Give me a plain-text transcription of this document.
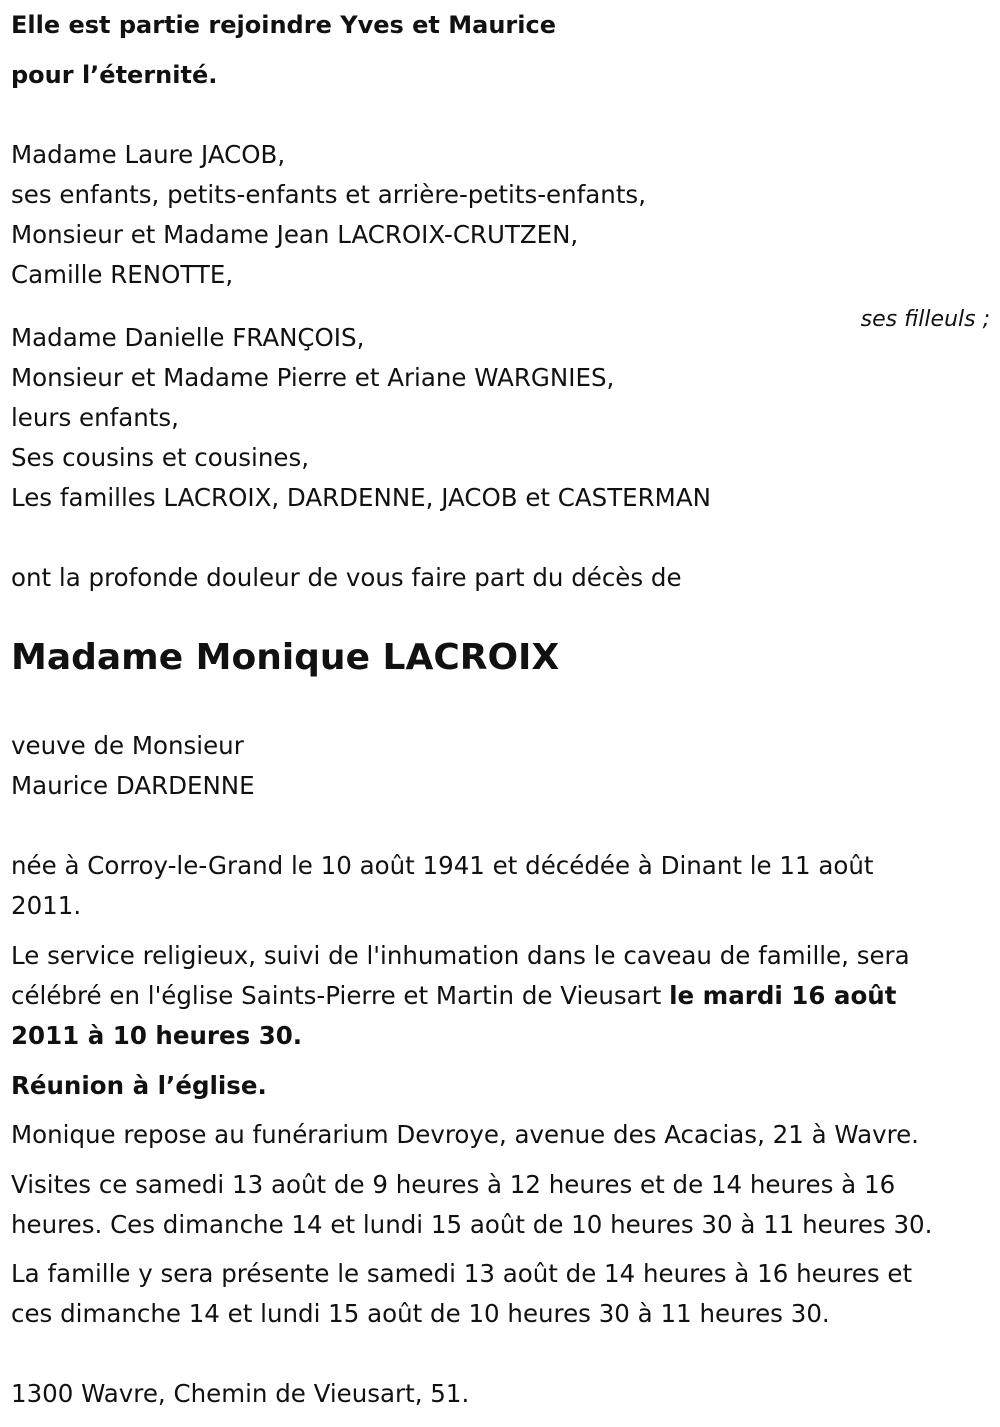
Elle est partie rejoindre Yves et Maurice

pour l’éternité.

Madame Laure JACOB,

ses enfants, petits-enfants et arrière-petits-enfants,

Monsieur et Madame Jean LACROIX-CRUTZEN,

Camille RENOTTE,

ses filleuls ;

Madame Danielle FRANÇOIS,

Monsieur et Madame Pierre et Ariane WARGNIES,

leurs enfants,

Ses cousins et cousines,

Les familles LACROIX, DARDENNE, JACOB et CASTERMAN

ont la profonde douleur de vous faire part du décès de

Madame Monique LACROIX

veuve de Monsieur

Maurice DARDENNE

née à Corroy-le-Grand le 10 août 1941 et décédée à Dinant le 11 août

2011.

Le service religieux, suivi de l'inhumation dans le caveau de famille, sera

célébré en l'église Saints-Pierre et Martin de Vieusart le mardi 16 août

2011 à 10 heures 30.

Réunion à l’église.

Monique repose au funérarium Devroye, avenue des Acacias, 21 à Wavre.

Visites ce samedi 13 août de 9 heures à 12 heures et de 14 heures à 16

heures. Ces dimanche 14 et lundi 15 août de 10 heures 30 à 11 heures 30.

La famille y sera présente le samedi 13 août de 14 heures à 16 heures et

ces dimanche 14 et lundi 15 août de 10 heures 30 à 11 heures 30.

1300 Wavre, Chemin de Vieusart, 51.
